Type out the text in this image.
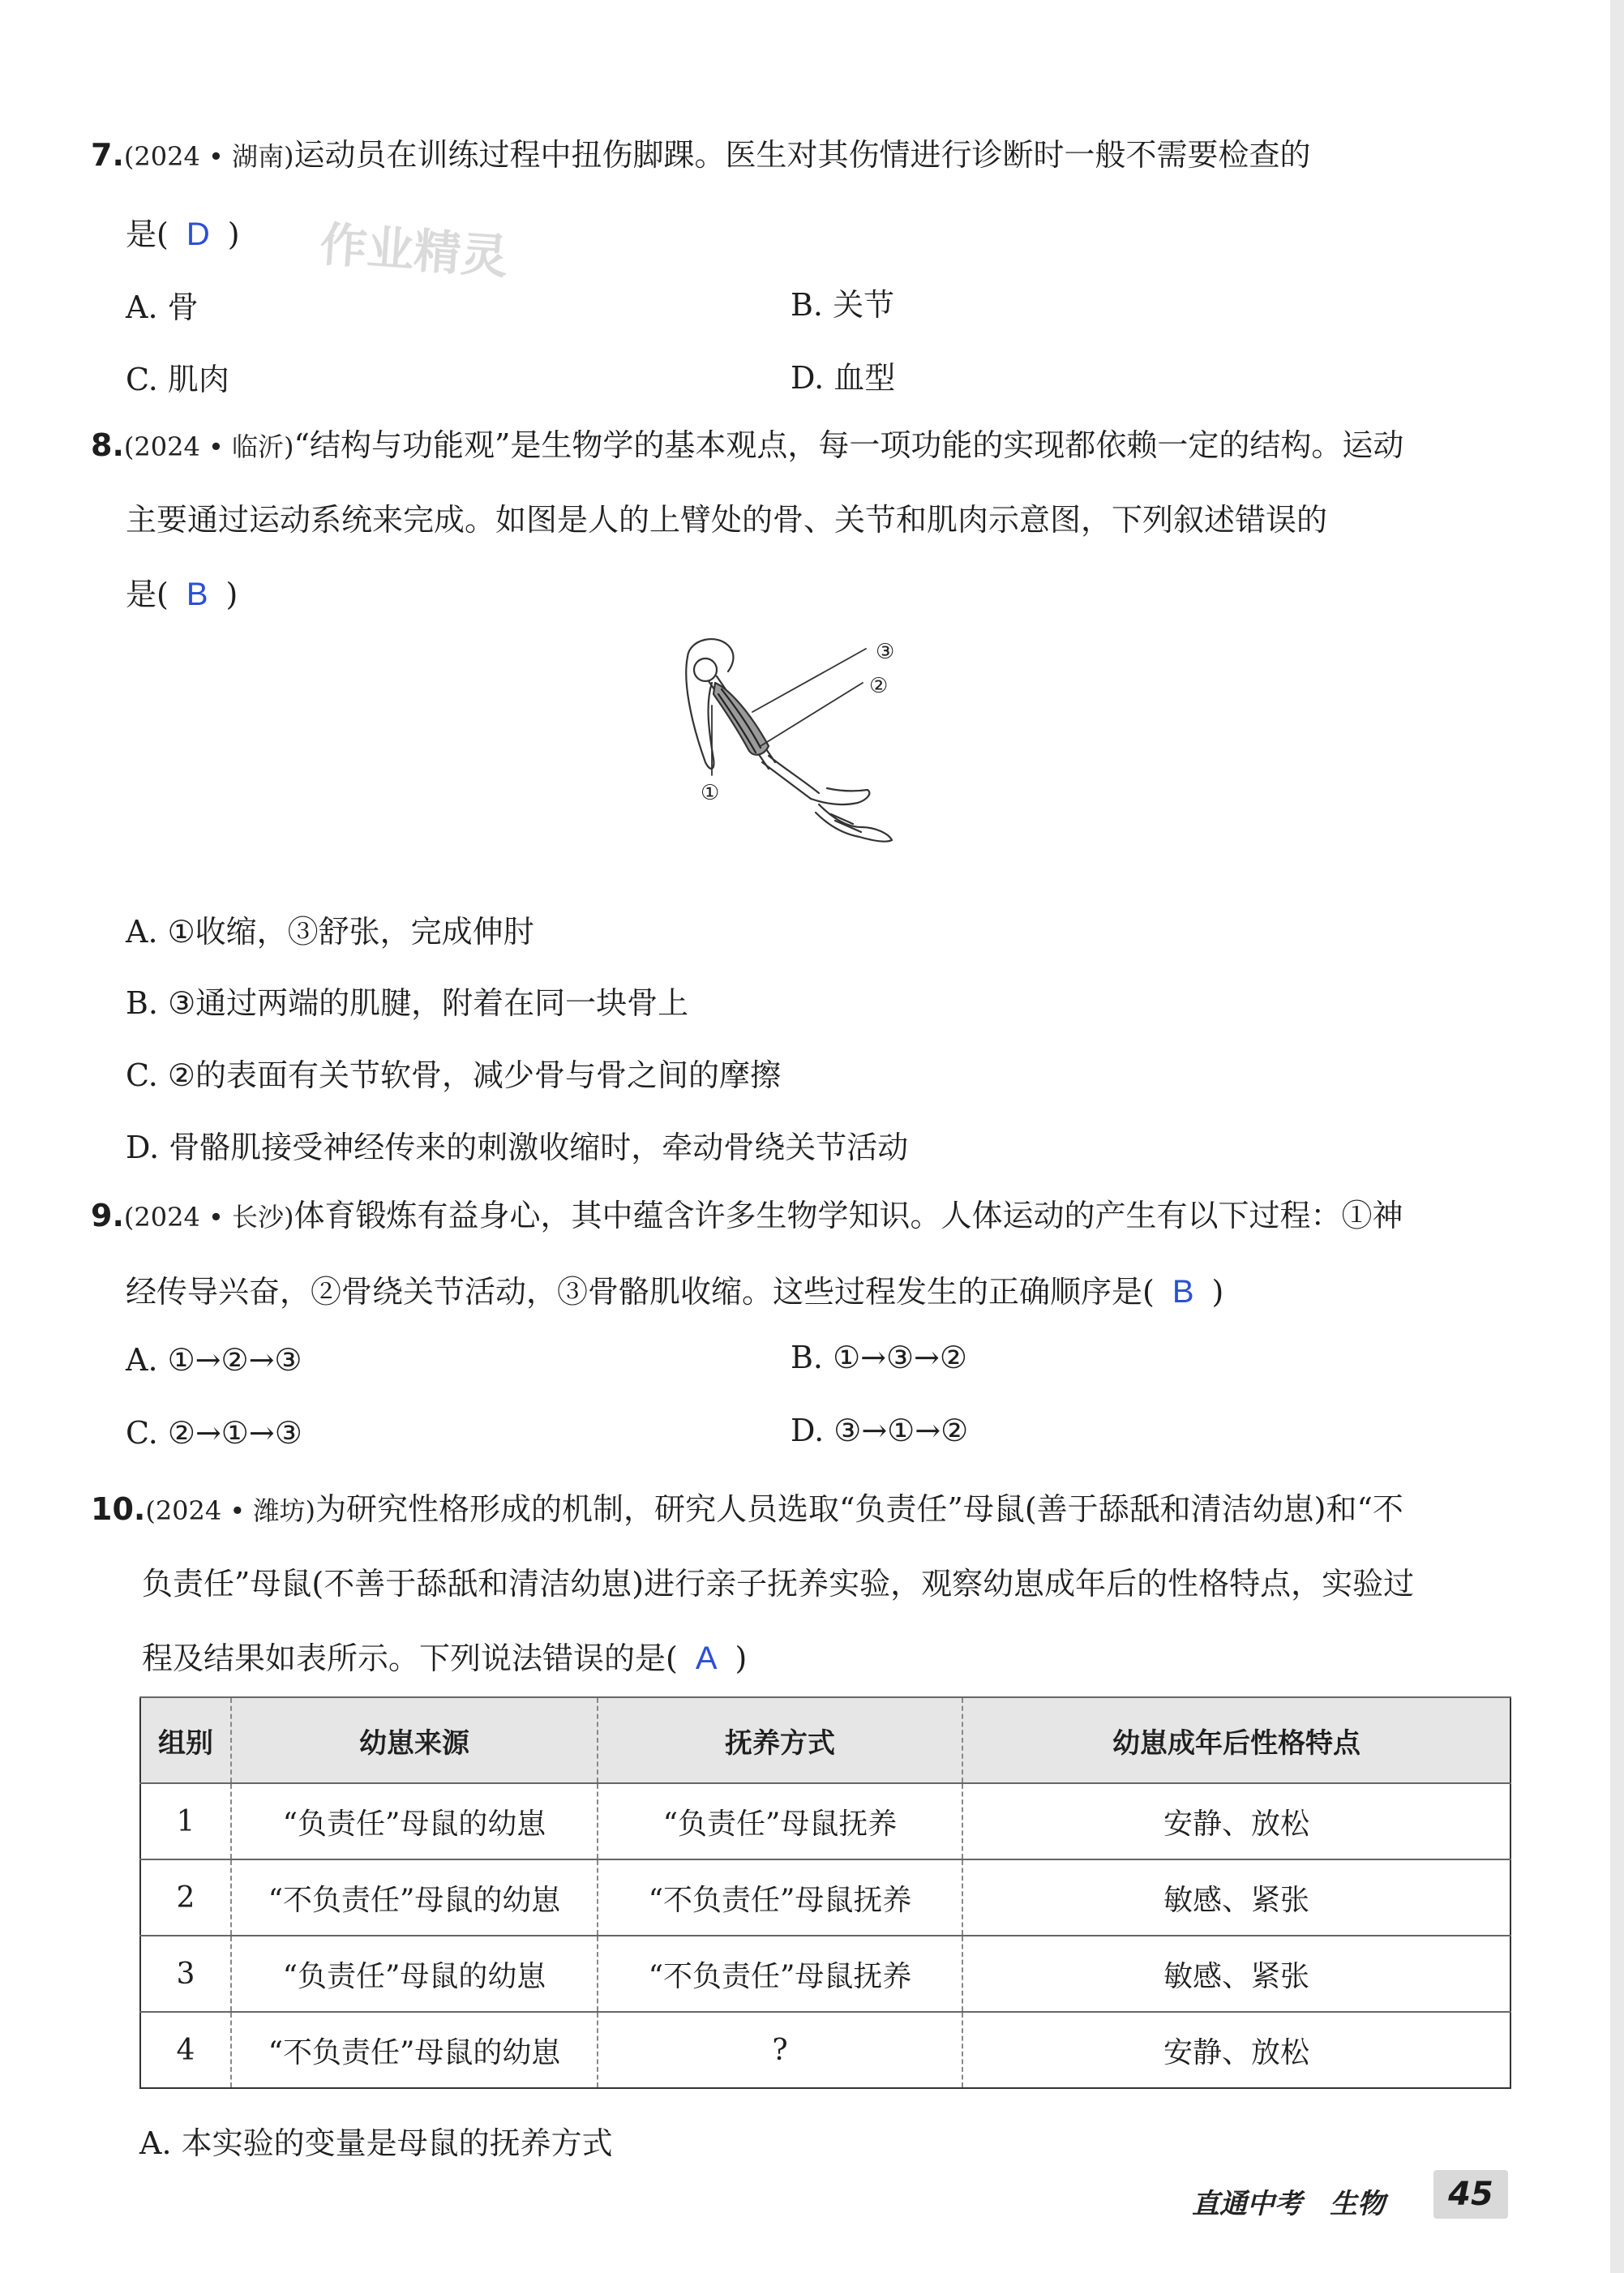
7.(2024 • 湖南)运动员在训练过程中扭伤脚踝。医生对其伤情进行诊断时一般不需要检查的
是( D ) 作业精灵
A. 骨	B. 关节
C. 肌肉	D. 血型
8.(2024 • 临沂)“结构与功能观”是生物学的基本观点，每一项功能的实现都依赖一定的结构。运动
主要通过运动系统来完成。如图是人的上臂处的骨、关节和肌肉示意图，下列叙述错误的
是( B )
③
②
①
A. ①收缩，③舒张，完成伸肘
B. ③通过两端的肌腱，附着在同一块骨上
⠀
C. ②的表面有关节软骨，减少骨与骨之间的摩擦
D. 骨骼肌接受神经传来的刺激收缩时，牵动骨绕关节活动
9.(2024 • 长沙)体育锻炼有益身心，其中蕴含许多生物学知识。人体运动的产生有以下过程：①神
经传导兴奋，②骨绕关节活动，③骨骼肌收缩。这些过程发生的正确顺序是( B )
A. ①→②→③	B. ①→③→②
C. ②→①→③	D. ③→①→②
10.(2024 • 潍坊)为研究性格形成的机制，研究人员选取“负责任”母鼠(善于舔舐和清洁幼崽)和“不
负责任”母鼠(不善于舔舐和清洁幼崽)进行亲子抚养实验，观察幼崽成年后的性格特点，实验过
程及结果如表所示。下列说法错误的是( A )
组别	幼崽来源	抚养方式	幼崽成年后性格特点
1	“负责任”母鼠的幼崽	“负责任”母鼠抚养	安静、放松
2	“不负责任”母鼠的幼崽	“不负责任”母鼠抚养	敏感、紧张
3	“负责任”母鼠的幼崽	“不负责任”母鼠抚养	敏感、紧张
4	“不负责任”母鼠的幼崽	?	安静、放松
A. 本实验的变量是母鼠的抚养方式
直通中考　生物	45
